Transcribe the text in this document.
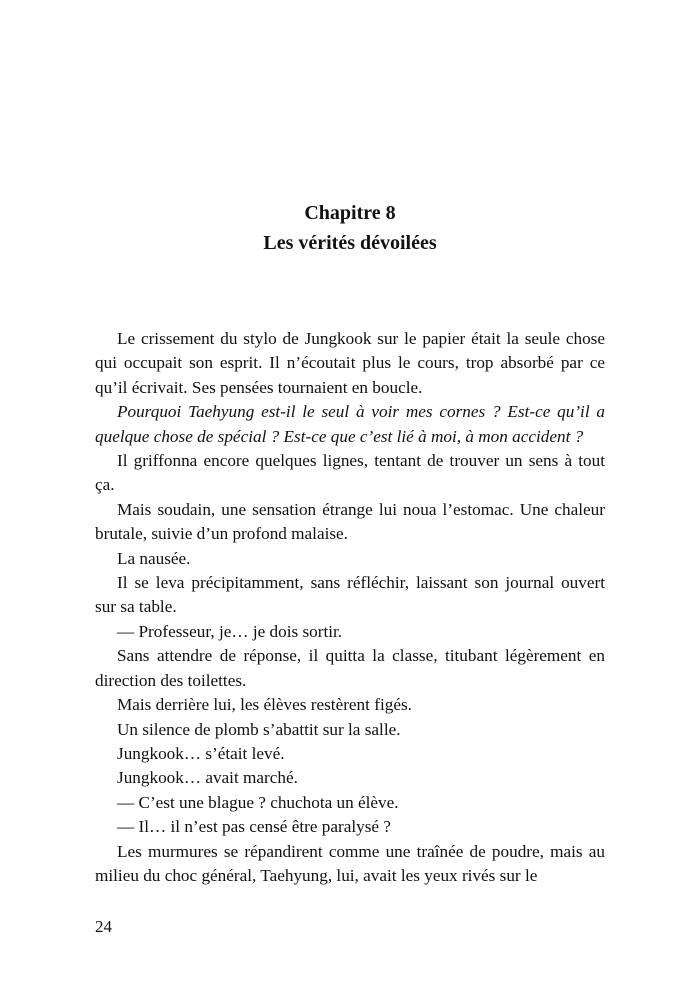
Chapitre 8
Les vérités dévoilées

Le crissement du stylo de Jungkook sur le papier était la seule chose qui occupait son esprit. Il n’écoutait plus le cours, trop absorbé par ce qu’il écrivait. Ses pensées tournaient en boucle.

Pourquoi Taehyung est-il le seul à voir mes cornes ? Est-ce qu’il a quelque chose de spécial ? Est-ce que c’est lié à moi, à mon accident ?

Il griffonna encore quelques lignes, tentant de trouver un sens à tout ça.

Mais soudain, une sensation étrange lui noua l’estomac. Une chaleur brutale, suivie d’un profond malaise.

La nausée.

Il se leva précipitamment, sans réfléchir, laissant son journal ouvert sur sa table.

— Professeur, je… je dois sortir.

Sans attendre de réponse, il quitta la classe, titubant légèrement en direction des toilettes.

Mais derrière lui, les élèves restèrent figés.

Un silence de plomb s’abattit sur la salle.

Jungkook… s’était levé.

Jungkook… avait marché.

— C’est une blague ? chuchota un élève.

— Il… il n’est pas censé être paralysé ?

Les murmures se répandirent comme une traînée de poudre, mais au milieu du choc général, Taehyung, lui, avait les yeux rivés sur le

24
